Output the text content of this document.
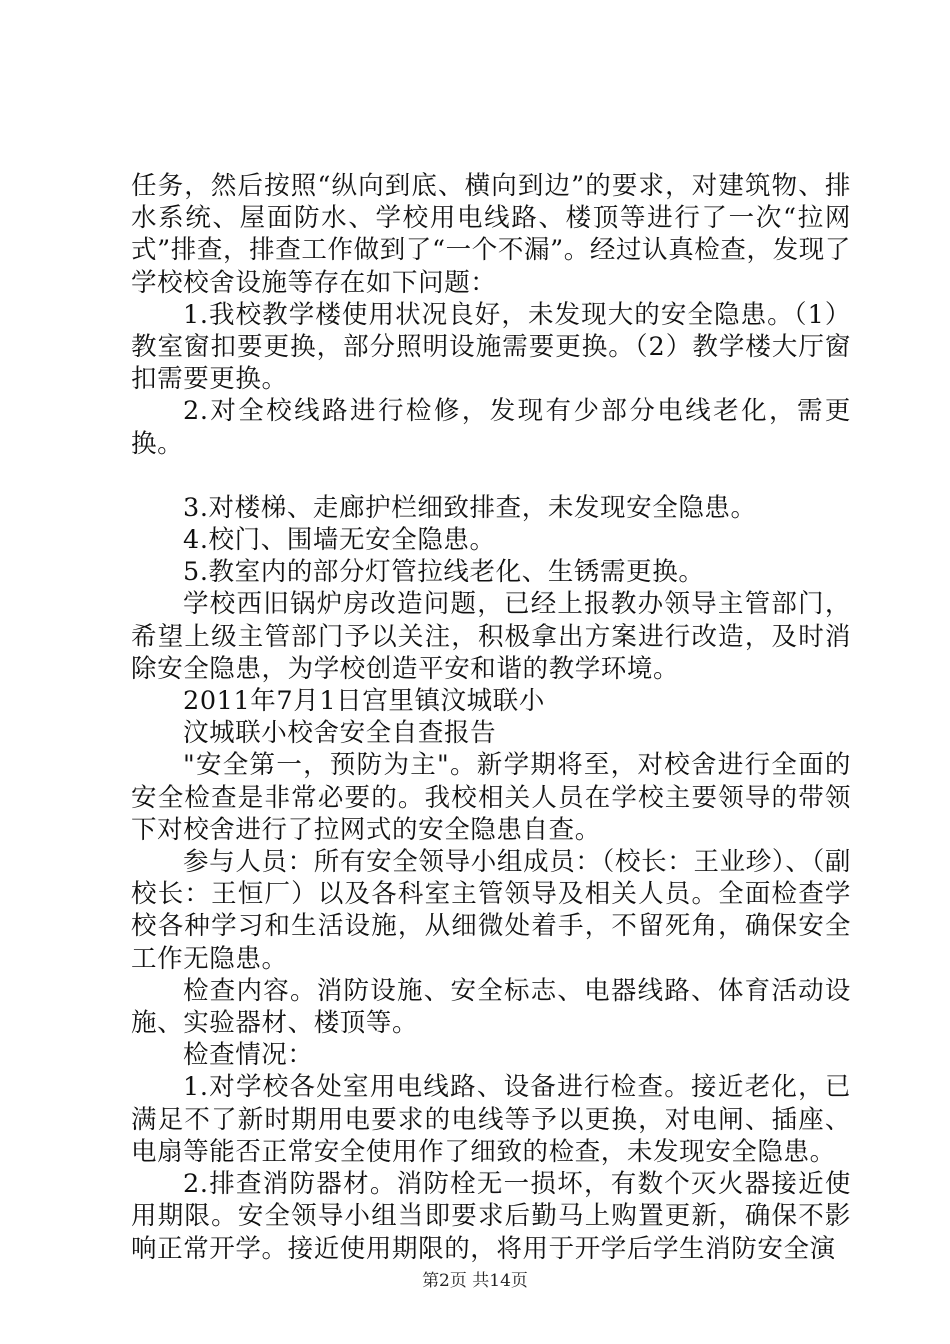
任务，然后按照“纵向到底、横向到边”的要求，对建筑物、排水系统、屋面防水、学校用电线路、楼顶等进行了一次“拉网式”排查，排查工作做到了“一个不漏”。经过认真检查，发现了学校校舍设施等存在如下问题：

1.我校教学楼使用状况良好，未发现大的安全隐患。（1）教室窗扣要更换，部分照明设施需要更换。（2）教学楼大厅窗扣需要更换。

2.对全校线路进行检修，发现有少部分电线老化，需更换。

3.对楼梯、走廊护栏细致排查，未发现安全隐患。

4.校门、围墙无安全隐患。

5.教室内的部分灯管拉线老化、生锈需更换。

学校西旧锅炉房改造问题，已经上报教办领导主管部门，希望上级主管部门予以关注，积极拿出方案进行改造，及时消除安全隐患，为学校创造平安和谐的教学环境。

2011年7月1日宫里镇汶城联小

汶城联小校舍安全自查报告

"安全第一，预防为主"。新学期将至，对校舍进行全面的安全检查是非常必要的。我校相关人员在学校主要领导的带领下对校舍进行了拉网式的安全隐患自查。

参与人员：所有安全领导小组成员：（校长：王业珍）、（副校长：王恒厂）以及各科室主管领导及相关人员。全面检查学校各种学习和生活设施，从细微处着手，不留死角，确保安全工作无隐患。

检查内容。消防设施、安全标志、电器线路、体育活动设施、实验器材、楼顶等。

检查情况：

1.对学校各处室用电线路、设备进行检查。接近老化，已满足不了新时期用电要求的电线等予以更换，对电闸、插座、电扇等能否正常安全使用作了细致的检查，未发现安全隐患。

2.排查消防器材。消防栓无一损坏，有数个灭火器接近使用期限。安全领导小组当即要求后勤马上购置更新，确保不影响正常开学。接近使用期限的，将用于开学后学生消防安全演

第2页 共14页
